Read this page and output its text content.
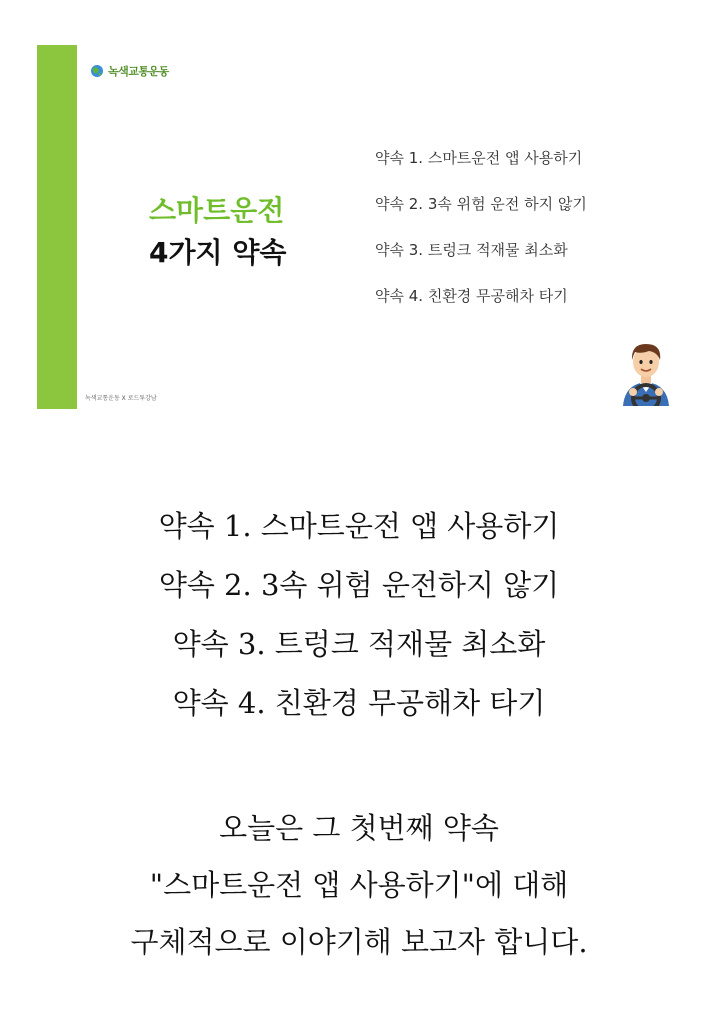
녹색교통운동
스마트운전
4가지 약속
약속 1. 스마트운전 앱 사용하기
약속 2. 3속 위험 운전 하지 않기
약속 3. 트렁크 적재물 최소화
약속 4. 친환경 무공해차 타기
녹색교통운동 X 로드투강남
약속 1. 스마트운전 앱 사용하기
약속 2. 3속 위험 운전하지 않기
약속 3. 트렁크 적재물 최소화
약속 4. 친환경 무공해차 타기
오늘은 그 첫번째 약속
"스마트운전 앱 사용하기"에 대해
구체적으로 이야기해 보고자 합니다.
